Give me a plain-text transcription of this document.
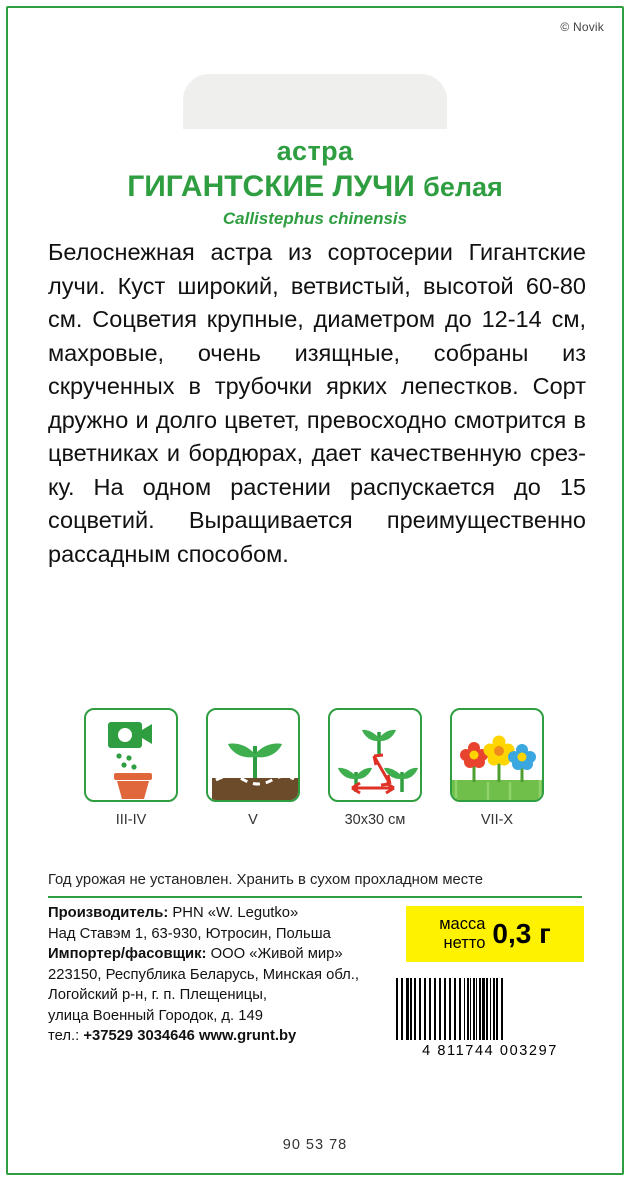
© Novik
астра
ГИГАНТСКИЕ ЛУЧИ белая
Callistephus chinensis
Белоснежная астра из сортосерии Гигантские лучи. Куст широкий, ветвистый, высотой 60-80 см. Соцветия крупные, диаметром до 12-14 см, махровые, очень изящные, собраны из скрученных в трубочки ярких лепестков. Сорт дружно и долго цветет, превосходно смотрится в цветниках и бордюрах, дает качественную срезку. На одном растении распускается до 15 соцветий. Выращивается преимущественно рассадным способом.
III-IV	V	30x30 см	VII-X
Год урожая не установлен. Хранить в сухом прохладном месте
Производитель: PHN «W. Legutko»
Над Ставэм 1, 63-930, Ютросин, Польша
Импортер/фасовщик: ООО «Живой мир»
223150, Республика Беларусь, Минская обл.,
Логойский р-н, г. п. Плещеницы,
улица Военный Городок, д. 149
тел.: +37529 3034646 www.grunt.by
масса
нетто 0,3 г
4 811744 003297
90 53 78
